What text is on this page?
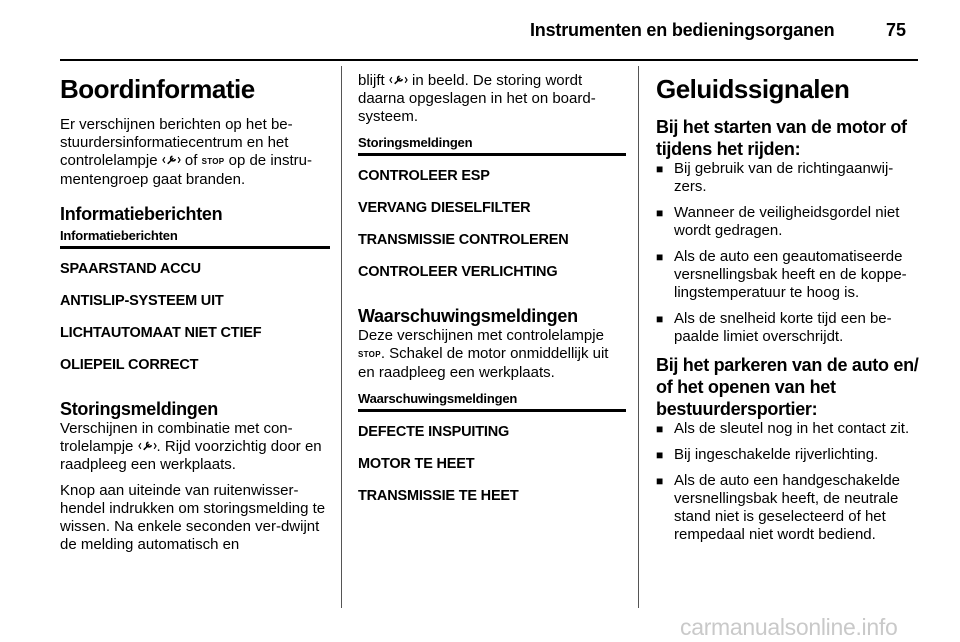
Instrumenten en bedieningsorganen	75
Boordinformatie

Er verschijnen berichten op het be-stuurdersinformatiecentrum en het controlelampje of STOP op de instru-mentengroep gaat branden.

Informatieberichten
Informatieberichten
SPAARSTAND ACCU
ANTISLIP-SYSTEEM UIT
LICHTAUTOMAAT NIET CTIEF
OLIEPEIL CORRECT
Storingsmeldingen

Verschijnen in combinatie met con-trolelampje . Rijd voorzichtig door en raadpleeg een werkplaats.

Knop aan uiteinde van ruitenwisser-hendel indrukken om storingsmelding te wissen. Na enkele seconden ver-dwijnt de melding automatisch en

blijft in beeld. De storing wordt daarna opgeslagen in het on board-systeem.

Storingsmeldingen
CONTROLEER ESP
VERVANG DIESELFILTER
TRANSMISSIE CONTROLEREN
CONTROLEER VERLICHTING
Waarschuwingsmeldingen

Deze verschijnen met controlelampje STOP. Schakel de motor onmiddellijk uit en raadpleeg een werkplaats.

Waarschuwingsmeldingen
DEFECTE INSPUITING
MOTOR TE HEET
TRANSMISSIE TE HEET
Geluidssignalen
Bij het starten van de motor of tijdens het rijden:
■ Bij gebruik van de richtingaanwij-zers.
■ Wanneer de veiligheidsgordel niet wordt gedragen.
■ Als de auto een geautomatiseerde versnellingsbak heeft en de koppe-lingstemperatuur te hoog is.
■ Als de snelheid korte tijd een be-paalde limiet overschrijdt.
Bij het parkeren van de auto en/ of het openen van het bestuurdersportier:
■ Als de sleutel nog in het contact zit.
■ Bij ingeschakelde rijverlichting.
■ Als de auto een handgeschakelde versnellingsbak heeft, de neutrale stand niet is geselecteerd of het rempedaal niet wordt bediend.
carmanualsonline.info
